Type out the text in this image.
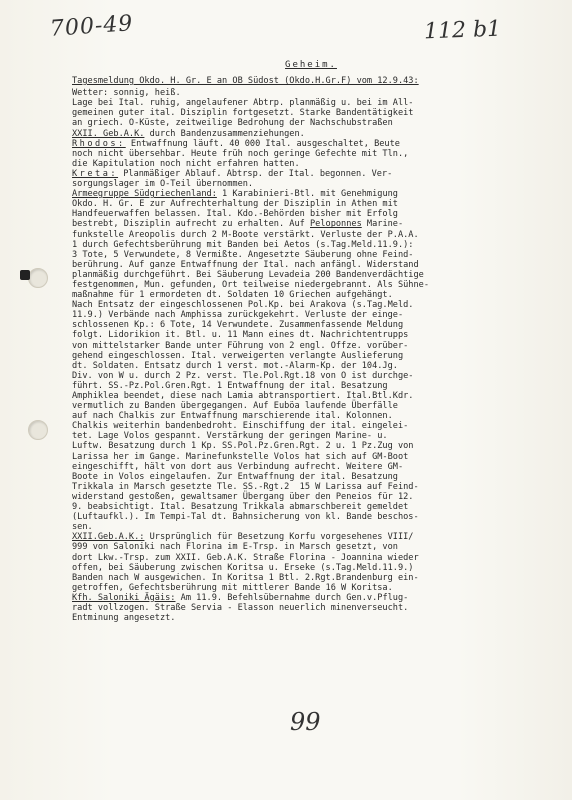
700-49	112 b1
Geheim.
Tagesmeldung Okdo. H. Gr. E an OB Südost (Okdo.H.Gr.F) vom 12.9.43:
Wetter: sonnig, heiß.
Lage bei Ital. ruhig, angelaufener Abtrp. planmäßig u. bei im All-
gemeinen guter ital. Disziplin fortgesetzt. Starke Bandentätigkeit
an griech. O-Küste, zeitweilige Bedrohung der Nachschubstraßen
XXII. Geb.A.K. durch Bandenzusammenziehungen.
Rhodos: Entwaffnung läuft. 40 000 Ital. ausgeschaltet, Beute
noch nicht übersehbar. Heute früh noch geringe Gefechte mit Tln.,
die Kapitulation noch nicht erfahren hatten.
Kreta: Planmäßiger Ablauf. Abtrsp. der Ital. begonnen. Ver-
sorgungslager im O-Teil übernommen.
Armeegruppe Südgriechenland: 1 Karabinieri-Btl. mit Genehmigung
Okdo. H. Gr. E zur Aufrechterhaltung der Disziplin in Athen mit
Handfeuerwaffen belassen. Ital. Kdo.-Behörden bisher mit Erfolg
bestrebt, Disziplin aufrecht zu erhalten. Auf Peloponnes Marine-
funkstelle Areopolis durch 2 M-Boote verstärkt. Verluste der P.A.A.
1 durch Gefechtsberührung mit Banden bei Aetos (s.Tag.Meld.11.9.):
3 Tote, 5 Verwundete, 8 Vermißte. Angesetzte Säuberung ohne Feind-
berührung. Auf ganze Entwaffnung der Ital. nach anfängl. Widerstand
planmäßig durchgeführt. Bei Säuberung Levadeia 200 Bandenverdächtige
festgenommen, Mun. gefunden, Ort teilweise niedergebrannt. Als Sühne-
maßnahme für 1 ermordeten dt. Soldaten 10 Griechen aufgehängt.
Nach Entsatz der eingeschlossenen Pol.Kp. bei Arakova (s.Tag.Meld.
11.9.) Verbände nach Amphissa zurückgekehrt. Verluste der einge-
schlossenen Kp.: 6 Tote, 14 Verwundete. Zusammenfassende Meldung
folgt. Lidorikion it. Btl. u. 11 Mann eines dt. Nachrichtentrupps
von mittelstarker Bande unter Führung von 2 engl. Offze. vorüber-
gehend eingeschlossen. Ital. verweigerten verlangte Auslieferung
dt. Soldaten. Entsatz durch 1 verst. mot.-Alarm-Kp. der 104.Jg.
Div. von W u. durch 2 Pz. verst. Tle.Pol.Rgt.18 von O ist durchge-
führt. SS.-Pz.Pol.Gren.Rgt. 1 Entwaffnung der ital. Besatzung
Amphiklea beendet, diese nach Lamia abtransportiert. Ital.Btl.Kdr.
vermutlich zu Banden übergegangen. Auf Euböa laufende Überfälle
auf nach Chalkis zur Entwaffnung marschierende ital. Kolonnen.
Chalkis weiterhin bandenbedroht. Einschiffung der ital. eingelei-
tet. Lage Volos gespannt. Verstärkung der geringen Marine- u.
Luftw. Besatzung durch 1 Kp. SS.Pol.Pz.Gren.Rgt. 2 u. 1 Pz.Zug von
Larissa her im Gange. Marinefunkstelle Volos hat sich auf GM-Boot
eingeschifft, hält von dort aus Verbindung aufrecht. Weitere GM-
Boote in Volos eingelaufen. Zur Entwaffnung der ital. Besatzung
Trikkala in Marsch gesetzte Tle. SS.-Rgt.2  15 W Larissa auf Feind-
widerstand gestoßen, gewaltsamer Übergang über den Peneios für 12.
9. beabsichtigt. Ital. Besatzung Trikkala abmarschbereit gemeldet
(Luftaufkl.). Im Tempi-Tal dt. Bahnsicherung von kl. Bande beschos-
sen.
XXII.Geb.A.K.: Ursprünglich für Besetzung Korfu vorgesehenes VIII/
999 von Saloniki nach Florina im E-Trsp. in Marsch gesetzt, von
dort Lkw.-Trsp. zum XXII. Geb.A.K. Straße Florina - Joannina wieder
offen, bei Säuberung zwischen Koritsa u. Erseke (s.Tag.Meld.11.9.)
Banden nach W ausgewichen. In Koritsa 1 Btl. 2.Rgt.Brandenburg ein-
getroffen, Gefechtsberührung mit mittlerer Bande 16 W Koritsa.
Kfh. Saloniki Ägäis: Am 11.9. Befehlsübernahme durch Gen.v.Pflug-
radt vollzogen. Straße Servia - Elasson neuerlich minenverseucht.
Entminung angesetzt.
99
